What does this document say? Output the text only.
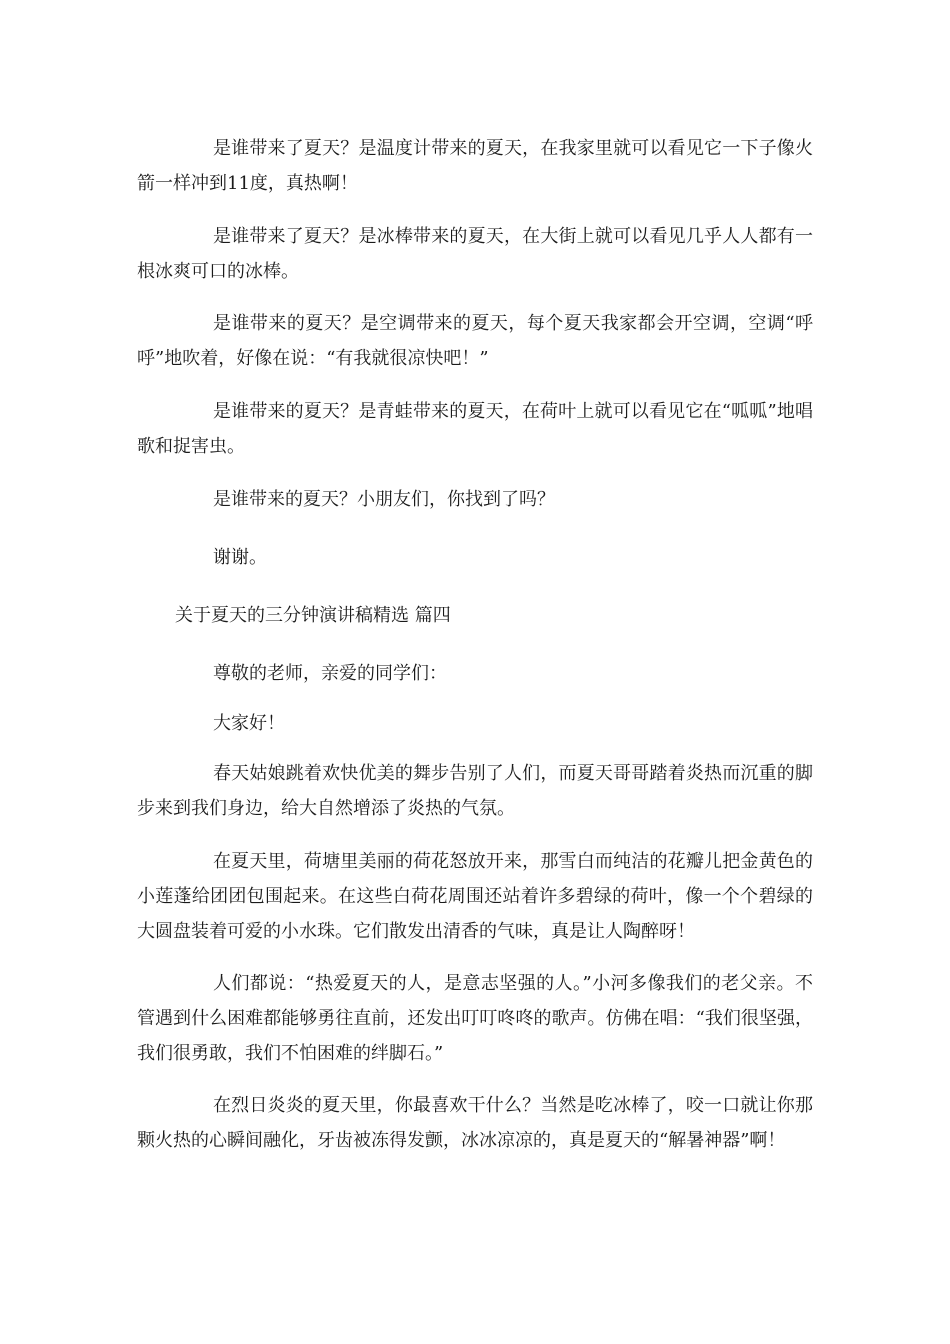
是谁带来了夏天？是温度计带来的夏天，在我家里就可以看见它一下子像火箭一样冲到11度，真热啊！

是谁带来了夏天？是冰棒带来的夏天，在大街上就可以看见几乎人人都有一根冰爽可口的冰棒。

是谁带来的夏天？是空调带来的夏天，每个夏天我家都会开空调，空调“呼呼”地吹着，好像在说：“有我就很凉快吧！”

是谁带来的夏天？是青蛙带来的夏天，在荷叶上就可以看见它在“呱呱”地唱歌和捉害虫。

是谁带来的夏天？小朋友们，你找到了吗？

谢谢。

关于夏天的三分钟演讲稿精选 篇四

尊敬的老师，亲爱的同学们：

大家好！

春天姑娘跳着欢快优美的舞步告别了人们，而夏天哥哥踏着炎热而沉重的脚步来到我们身边，给大自然增添了炎热的气氛。

在夏天里，荷塘里美丽的荷花怒放开来，那雪白而纯洁的花瓣儿把金黄色的小莲蓬给团团包围起来。在这些白荷花周围还站着许多碧绿的荷叶，像一个个碧绿的大圆盘装着可爱的小水珠。它们散发出清香的气味，真是让人陶醉呀！

人们都说：“热爱夏天的人，是意志坚强的人。”小河多像我们的老父亲。不管遇到什么困难都能够勇往直前，还发出叮叮咚咚的歌声。仿佛在唱：“我们很坚强，我们很勇敢，我们不怕困难的绊脚石。”

在烈日炎炎的夏天里，你最喜欢干什么？当然是吃冰棒了，咬一口就让你那颗火热的心瞬间融化，牙齿被冻得发颤，冰冰凉凉的，真是夏天的“解暑神器”啊！
